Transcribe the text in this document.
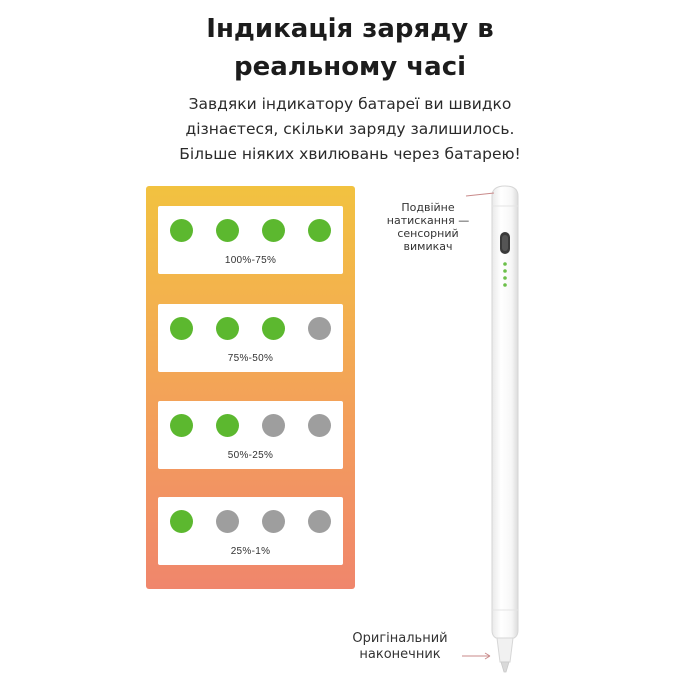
Індикація заряду в
реальному часі
Завдяки індикатору батареї ви швидко
дізнаєтеся, скільки заряду залишилось.
Більше ніяких хвилювань через батарею!
100%-75%
75%-50%
50%-25%
25%-1%
Подвійне
натискання —
сенсорний
вимикач
Оригінальний
наконечник
